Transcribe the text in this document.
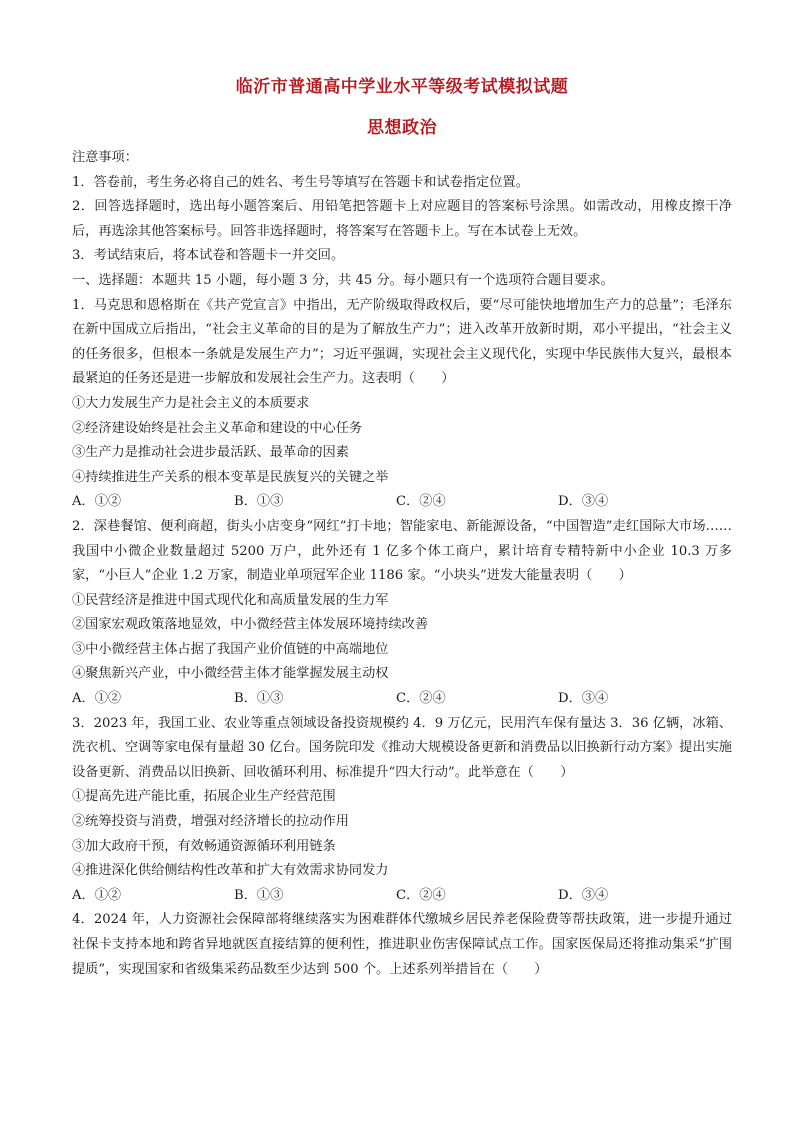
临沂市普通高中学业水平等级考试模拟试题
思想政治
注意事项：
1．答卷前，考生务必将自己的姓名、考生号等填写在答题卡和试卷指定位置。
2．回答选择题时，选出每小题答案后、用铅笔把答题卡上对应题目的答案标号涂黑。如需改动，用橡皮擦干净后，再选涂其他答案标号。回答非选择题时，将答案写在答题卡上。写在本试卷上无效。
3．考试结束后，将本试卷和答题卡一并交回。
一、选择题：本题共 15 小题，每小题 3 分，共 45 分。每小题只有一个选项符合题目要求。
1．马克思和恩格斯在《共产党宣言》中指出，无产阶级取得政权后，要“尽可能快地增加生产力的总量”；毛泽东在新中国成立后指出，“社会主义革命的目的是为了解放生产力”；进入改革开放新时期，邓小平提出，“社会主义的任务很多，但根本一条就是发展生产力”；习近平强调，实现社会主义现代化，实现中华民族伟大复兴，最根本最紧迫的任务还是进一步解放和发展社会生产力。这表明（　　）
①大力发展生产力是社会主义的本质要求
②经济建设始终是社会主义革命和建设的中心任务
③生产力是推动社会进步最活跃、最革命的因素
④持续推进生产关系的根本变革是民族复兴的关键之举
A．①②	B．①③	C．②④	D．③④
2．深巷餐馆、便利商超，街头小店变身“网红”打卡地；智能家电、新能源设备，“中国智造”走红国际大市场……我国中小微企业数量超过 5200 万户，此外还有 1 亿多个体工商户，累计培育专精特新中小企业 10.3 万多家，“小巨人”企业 1.2 万家，制造业单项冠军企业 1186 家。“小块头”迸发大能量表明（　　）
①民营经济是推进中国式现代化和高质量发展的生力军
②国家宏观政策落地显效，中小微经营主体发展环境持续改善
③中小微经营主体占据了我国产业价值链的中高端地位
④聚焦新兴产业，中小微经营主体才能掌握发展主动权
A．①②	B．①③	C．②④	D．③④
3．2023 年，我国工业、农业等重点领域设备投资规模约 4．9 万亿元，民用汽车保有量达 3．36 亿辆，冰箱、洗衣机、空调等家电保有量超 30 亿台。国务院印发《推动大规模设备更新和消费品以旧换新行动方案》提出实施设备更新、消费品以旧换新、回收循环利用、标准提升“四大行动”。此举意在（　　）
①提高先进产能比重，拓展企业生产经营范围
②统筹投资与消费，增强对经济增长的拉动作用
③加大政府干预，有效畅通资源循环利用链条
④推进深化供给侧结构性改革和扩大有效需求协同发力
A．①②	B．①③	C．②④	D．③④
4．2024 年，人力资源社会保障部将继续落实为困难群体代缴城乡居民养老保险费等帮扶政策，进一步提升通过社保卡支持本地和跨省异地就医直接结算的便利性，推进职业伤害保障试点工作。国家医保局还将推动集采“扩围提质”，实现国家和省级集采药品数至少达到 500 个。上述系列举措旨在（　　）
